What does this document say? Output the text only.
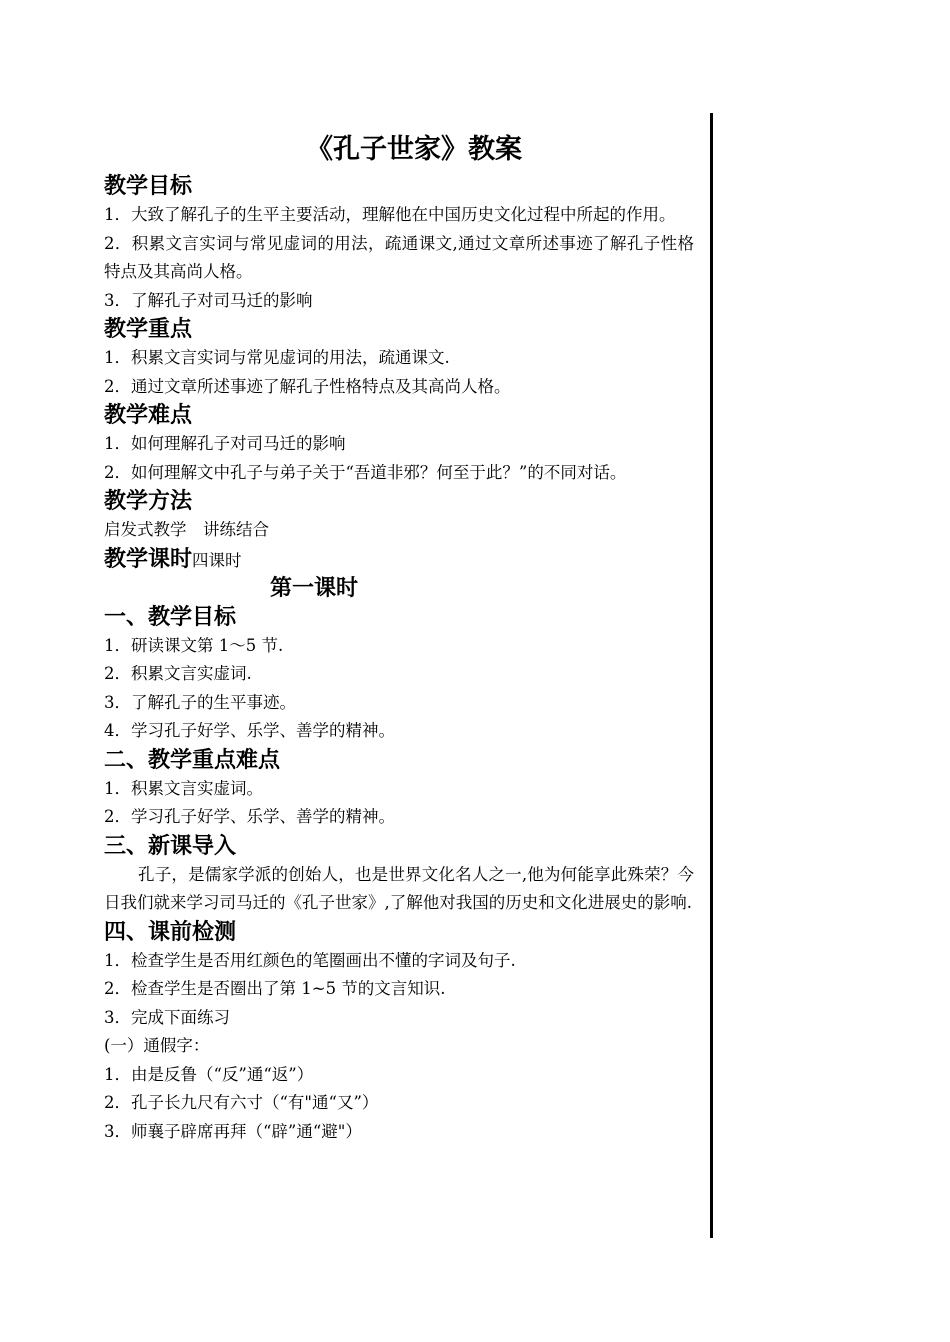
《孔子世家》教案
教学目标
1．大致了解孔子的生平主要活动，理解他在中国历史文化过程中所起的作用。
2．积累文言实词与常见虚词的用法，疏通课文,通过文章所述事迹了解孔子性格特点及其高尚人格。
3．了解孔子对司马迁的影响
教学重点
1．积累文言实词与常见虚词的用法，疏通课文.
2．通过文章所述事迹了解孔子性格特点及其高尚人格。
教学难点
1．如何理解孔子对司马迁的影响
2．如何理解文中孔子与弟子关于“吾道非邪？何至于此？”的不同对话。
教学方法
启发式教学　讲练结合
教学课时四课时
第一课时
一、教学目标
1．研读课文第 1～5 节.
2．积累文言实虚词.
3．了解孔子的生平事迹。
4．学习孔子好学、乐学、善学的精神。
二、教学重点难点
1．积累文言实虚词。
2．学习孔子好学、乐学、善学的精神。
三、新课导入
孔子，是儒家学派的创始人，也是世界文化名人之一,他为何能享此殊荣？今日我们就来学习司马迁的《孔子世家》,了解他对我国的历史和文化进展史的影响.
四、课前检测
1．检查学生是否用红颜色的笔圈画出不懂的字词及句子.
2．检查学生是否圈出了第 1~5 节的文言知识.
3．完成下面练习
(一）通假字：
1．由是反鲁（“反”通“返”）
2．孔子长九尺有六寸（“有"通“又”）
3．师襄子辟席再拜（“辟”通“避"）
